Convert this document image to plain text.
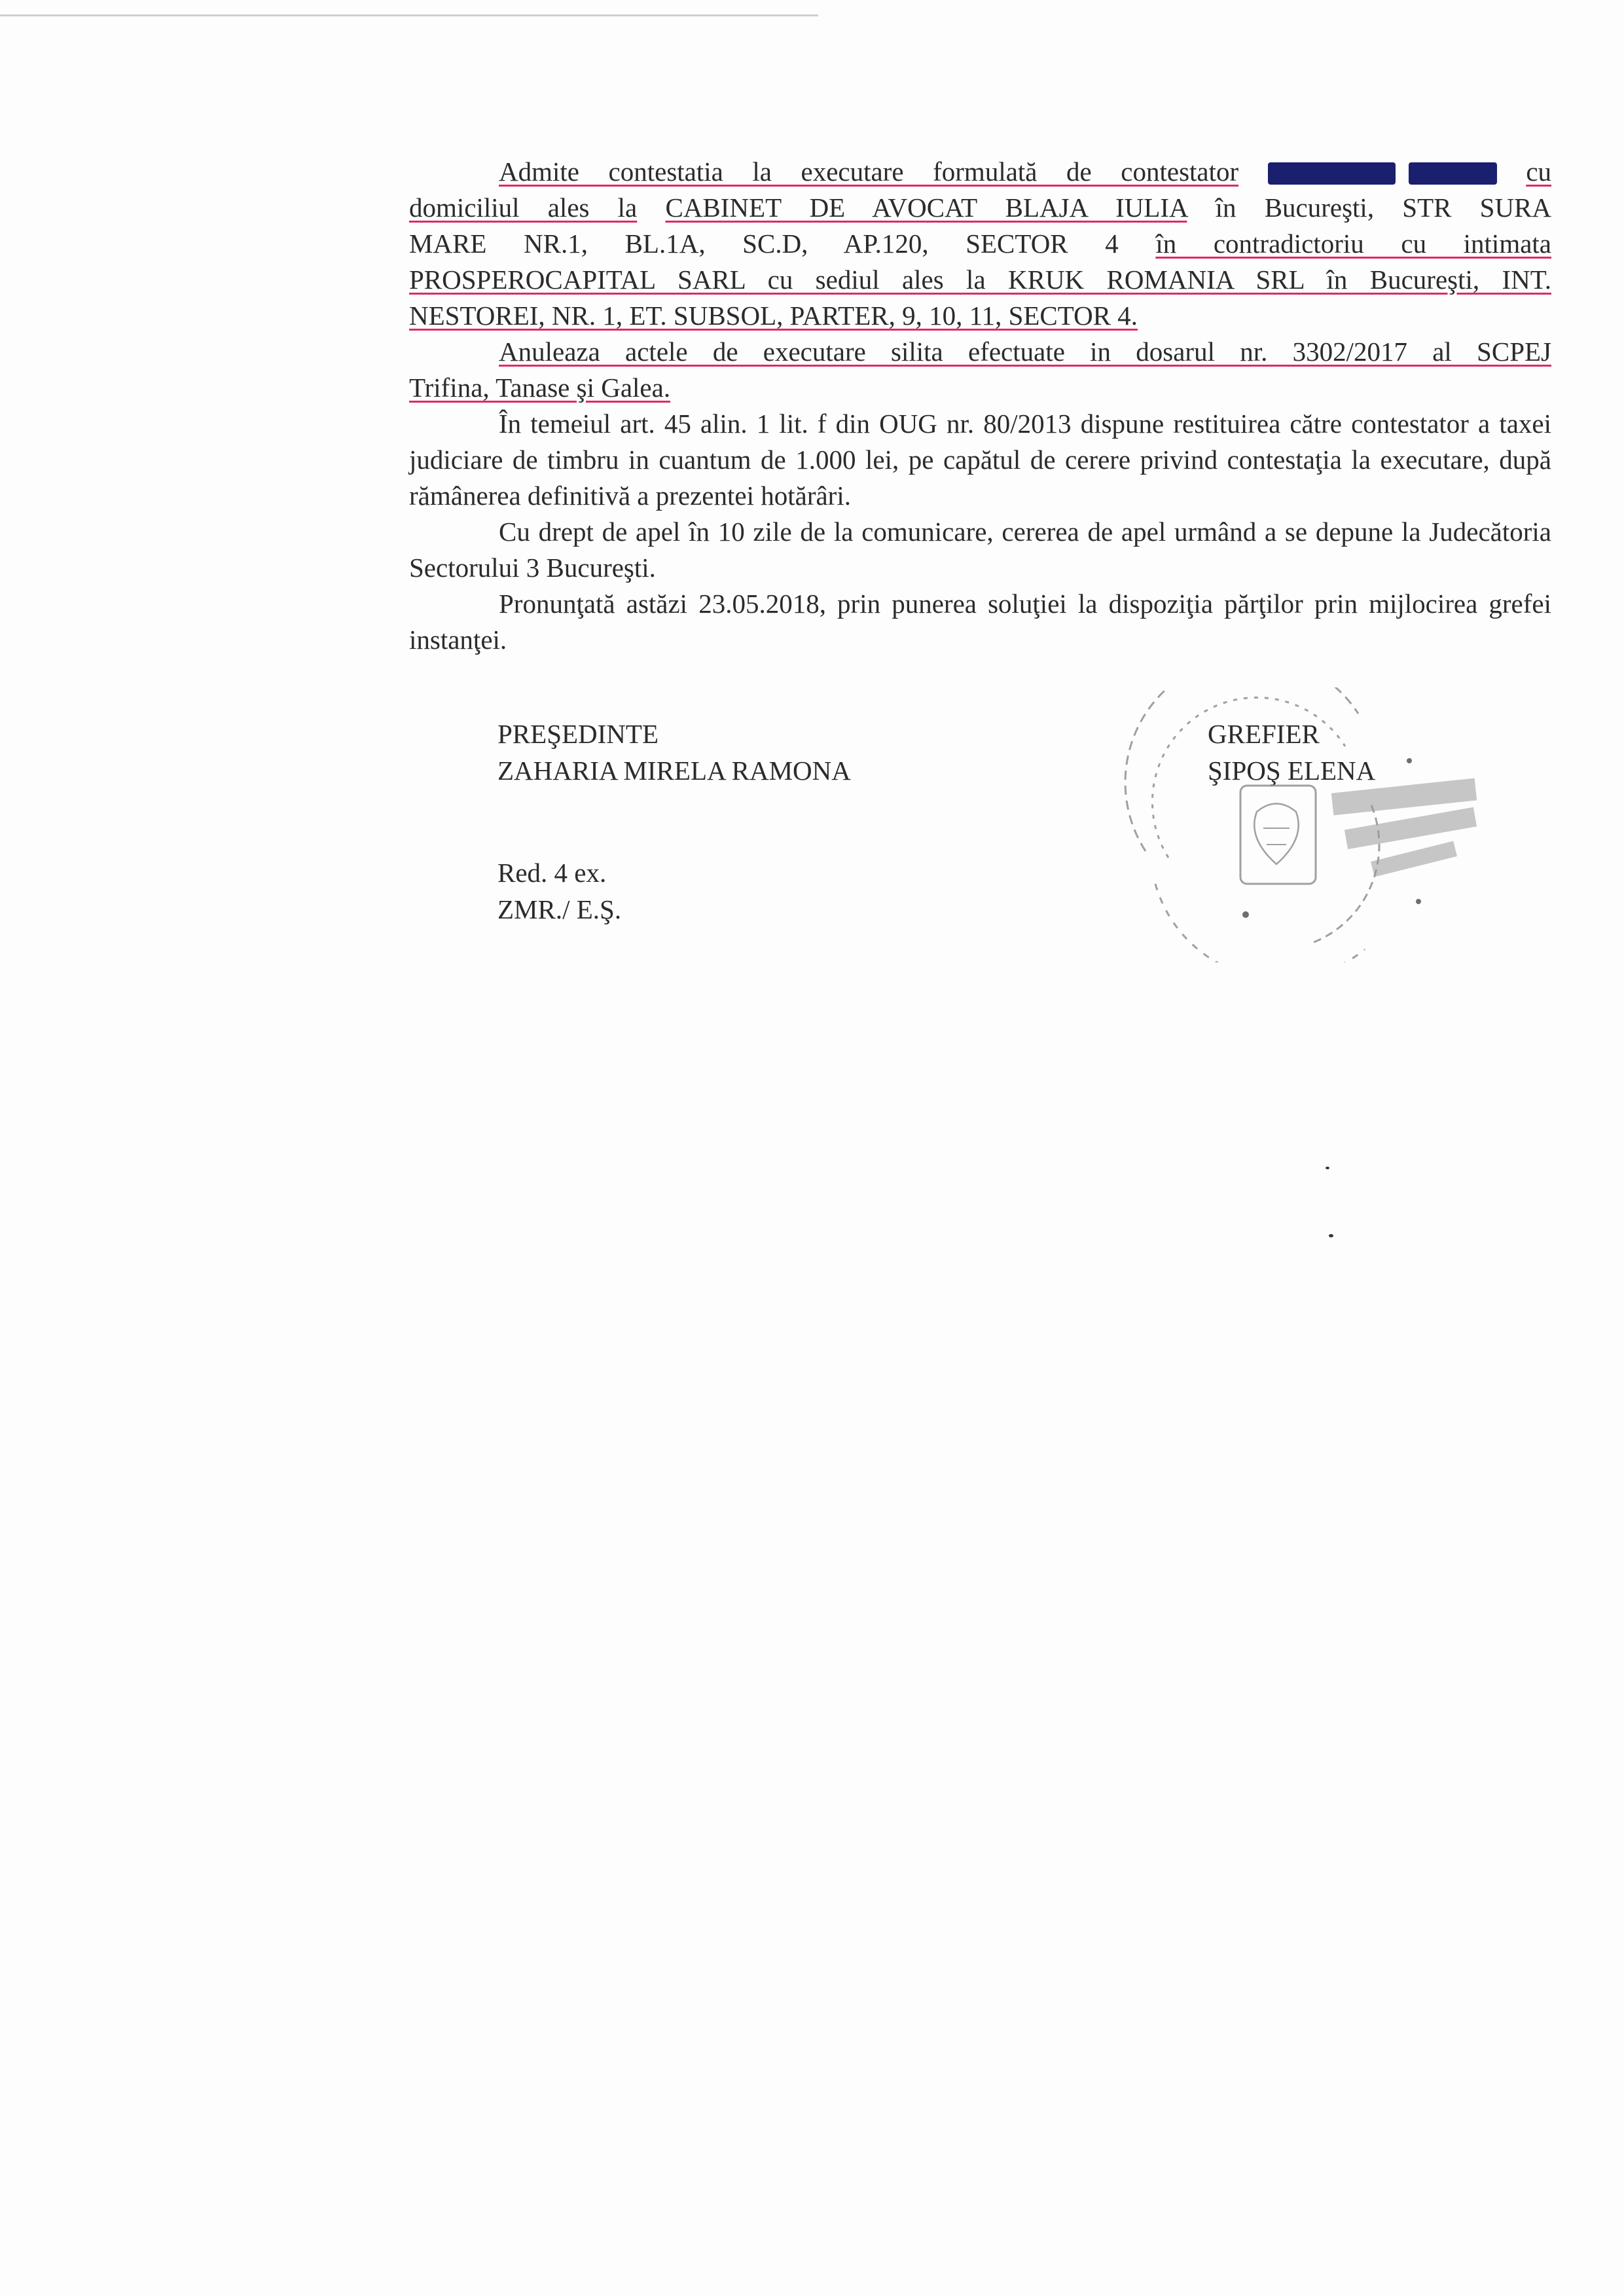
Admite contestatia la executare formulată de contestator	cu
domiciliul ales la CABINET DE AVOCAT BLAJA IULIA în Bucureşti, STR SURA
MARE NR.1, BL.1A, SC.D, AP.120, SECTOR 4 în contradictoriu cu intimata
PROSPEROCAPITAL SARL cu sediul ales la KRUK ROMANIA SRL în Bucureşti, INT.
NESTOREI, NR. 1, ET. SUBSOL, PARTER, 9, 10, 11, SECTOR 4.
Anuleaza actele de executare silita efectuate in dosarul nr. 3302/2017 al SCPEJ
Trifina, Tanase şi Galea.

În temeiul art. 45 alin. 1 lit. f din OUG nr. 80/2013 dispune restituirea către contestator a taxei judiciare de timbru in cuantum de 1.000 lei, pe capătul de cerere privind contestaţia la executare, după rămânerea definitivă a prezentei hotărâri.

Cu drept de apel în 10 zile de la comunicare, cererea de apel urmând a se depune la Judecătoria Sectorului 3 Bucureşti.

Pronunţată astăzi 23.05.2018, prin punerea soluţiei la dispoziţia părţilor prin mijlocirea grefei instanţei.

PREŞEDINTE
ZAHARIA MIRELA RAMONA
GREFIER
ŞIPOŞ ELENA
Red. 4 ex.
ZMR./ E.Ş.
